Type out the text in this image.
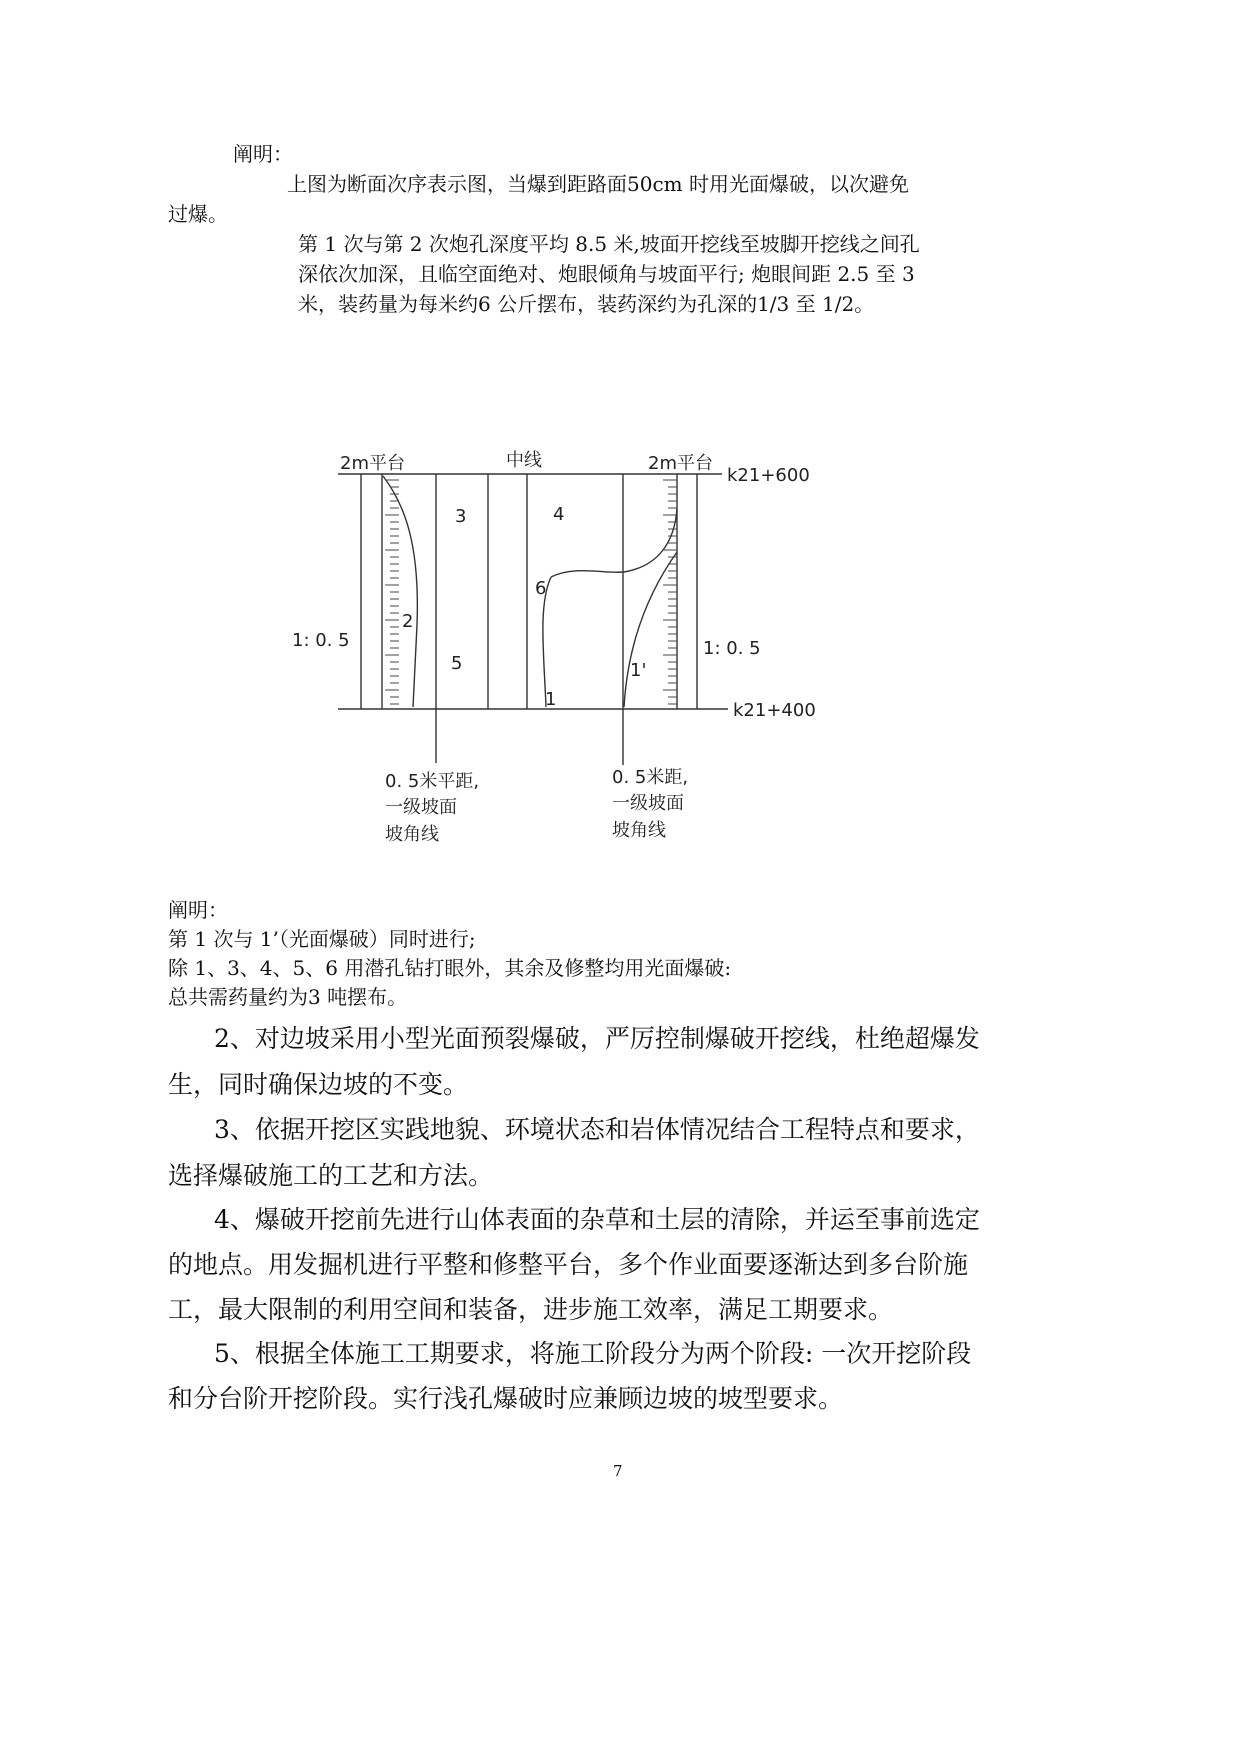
阐明：
上图为断面次序表示图，当爆到距路面50cm 时用光面爆破，以次避免
过爆。
第 1 次与第 2 次炮孔深度平均 8.5 米,坡面开挖线至坡脚开挖线之间孔
深依次加深，且临空面绝对、炮眼倾角与坡面平行; 炮眼间距 2.5 至 3
米，装药量为每米约6 公斤摆布，装药深约为孔深的1/3 至 1/2。
2m平台	中线	2m平台
k21+600
k21+400
1: 0. 5	1: 0. 5
3	4
6
2
5	1'
1
0. 5米平距,
一级坡面
坡角线
0. 5米距,
一级坡面
坡角线
阐明：
第 1 次与 1’（光面爆破）同时进行;
除 1、3、4、5、6 用潜孔钻打眼外，其余及修整均用光面爆破:
总共需药量约为3 吨摆布。
2、对边坡采用小型光面预裂爆破，严厉控制爆破开挖线，杜绝超爆发
生，同时确保边坡的不变。
3、依据开挖区实践地貌、环境状态和岩体情况结合工程特点和要求，
选择爆破施工的工艺和方法。
4、爆破开挖前先进行山体表面的杂草和土层的清除，并运至事前选定
的地点。用发掘机进行平整和修整平台，多个作业面要逐渐达到多台阶施
工，最大限制的利用空间和装备，进步施工效率，满足工期要求。
5、根据全体施工工期要求，将施工阶段分为两个阶段: 一次开挖阶段
和分台阶开挖阶段。实行浅孔爆破时应兼顾边坡的坡型要求。
7
